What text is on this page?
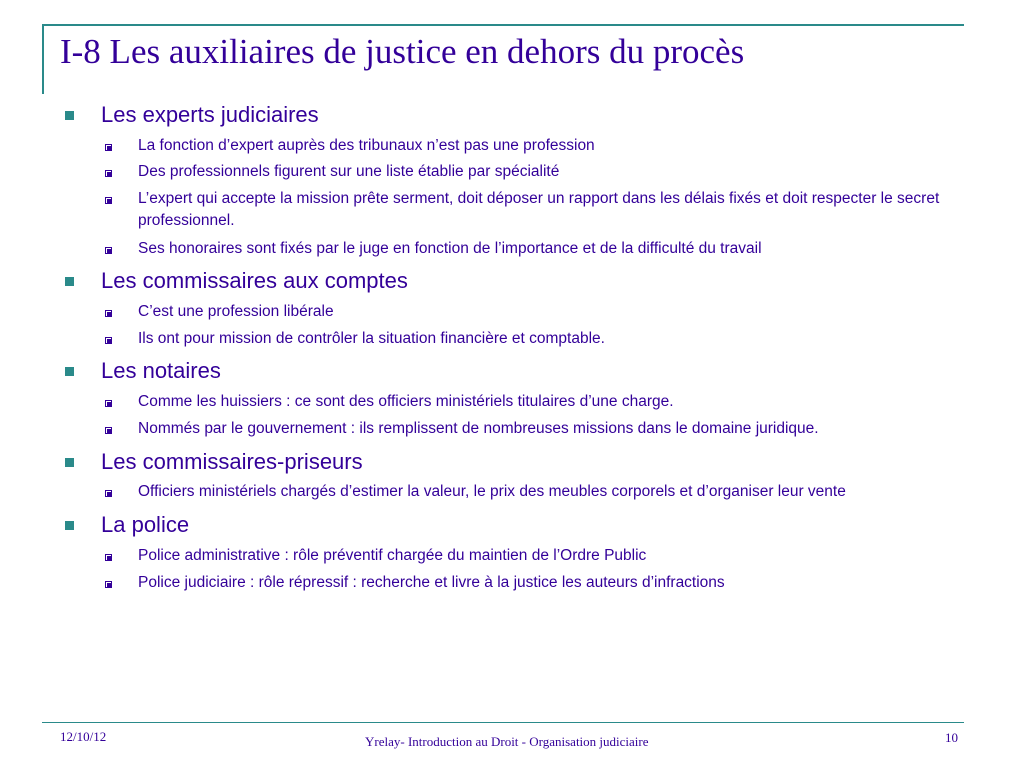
I-8 Les auxiliaires de justice en dehors du procès
Les experts judiciaires
La fonction d’expert auprès des tribunaux n’est pas une profession
Des professionnels figurent sur une liste établie par spécialité
L’expert qui accepte la mission prête serment, doit déposer un rapport dans les délais fixés et doit respecter le secret professionnel.
Ses honoraires sont fixés par le juge en fonction de l’importance et de la difficulté du travail
Les commissaires aux comptes
C’est une profession libérale
Ils ont pour mission de contrôler la situation financière et comptable.
Les notaires
Comme les huissiers : ce sont des officiers ministériels titulaires d’une charge.
Nommés par le gouvernement : ils remplissent de nombreuses missions dans le domaine juridique.
Les commissaires-priseurs
Officiers ministériels chargés d’estimer la valeur, le prix des meubles corporels et d’organiser leur vente
La police
Police administrative : rôle préventif chargée du maintien de l’Ordre Public
Police judiciaire : rôle répressif : recherche et livre à la justice les auteurs d’infractions
12/10/12	Yrelay- Introduction au Droit - Organisation judiciaire	10
